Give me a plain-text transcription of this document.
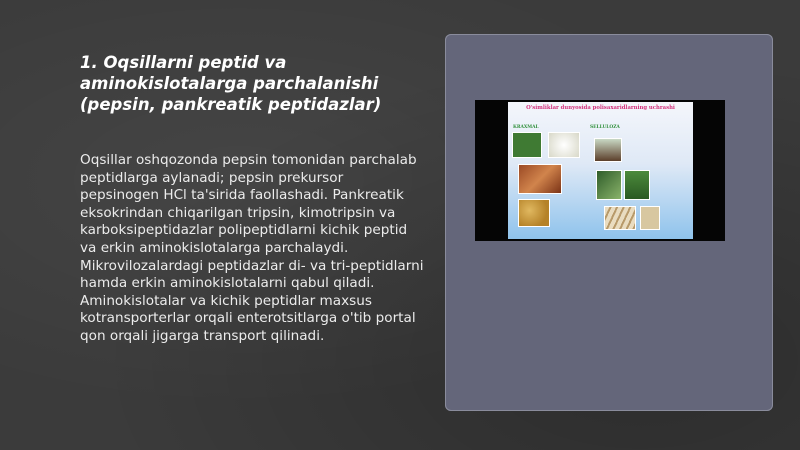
1. Oqsillarni peptid va aminokislotalarga parchalanishi (pepsin, pankreatik peptidazlar)

Oqsillar oshqozonda pepsin tomonidan parchalab peptidlarga aylanadi; pepsin prekursor pepsinogen HCl ta'sirida faollashadi. Pankreatik eksokrindan chiqarilgan tripsin, kimotripsin va karboksipeptidazlar polipeptidlarni kichik peptid va erkin aminokislotalarga parchalaydi. Mikrovilozalardagi peptidazlar di- va tri-peptidlarni hamda erkin aminokislotalarni qabul qiladi. Aminokislotalar va kichik peptidlar maxsus kotransporterlar orqali enterotsitlarga o'tib portal qon orqali jigarga transport qilinadi.

O'simliklar dunyosida polisaxaridlarning uchrashi
KRAXMAL	SELLULOZA
